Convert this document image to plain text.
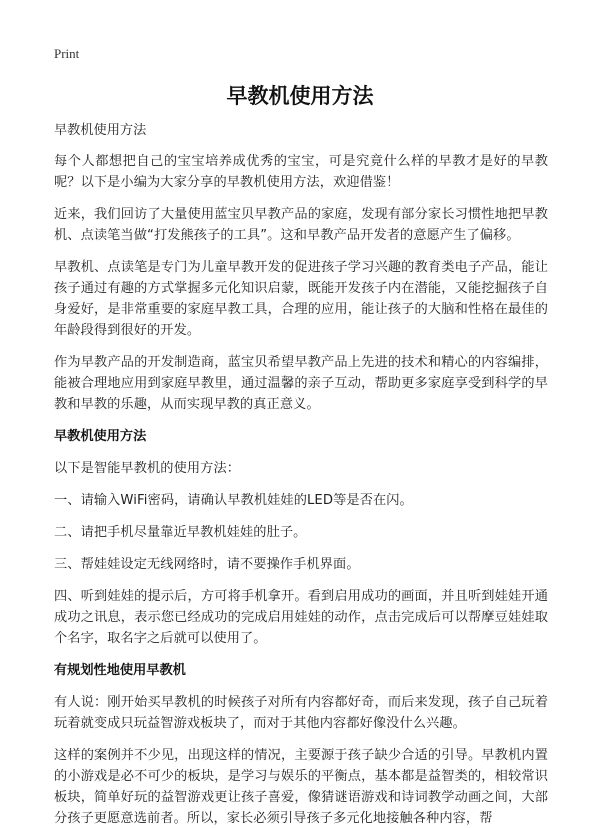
Print
早教机使用方法

早教机使用方法

每个人都想把自己的宝宝培养成优秀的宝宝，可是究竟什么样的早教才是好的早教呢？以下是小编为大家分享的早教机使用方法，欢迎借鉴！

近来，我们回访了大量使用蓝宝贝早教产品的家庭，发现有部分家长习惯性地把早教机、点读笔当做“打发熊孩子的工具”。这和早教产品开发者的意愿产生了偏移。

早教机、点读笔是专门为儿童早教开发的促进孩子学习兴趣的教育类电子产品，能让孩子通过有趣的方式掌握多元化知识启蒙，既能开发孩子内在潜能，又能挖掘孩子自身爱好，是非常重要的家庭早教工具，合理的应用，能让孩子的大脑和性格在最佳的年龄段得到很好的开发。

作为早教产品的开发制造商，蓝宝贝希望早教产品上先进的技术和精心的内容编排，能被合理地应用到家庭早教里，通过温馨的亲子互动，帮助更多家庭享受到科学的早教和早教的乐趣，从而实现早教的真正意义。

早教机使用方法

以下是智能早教机的使用方法：

一、请输入WiFi密码，请确认早教机娃娃的LED等是否在闪。

二、请把手机尽量靠近早教机娃娃的肚子。

三、帮娃娃设定无线网络时，请不要操作手机界面。

四、听到娃娃的提示后，方可将手机拿开。看到启用成功的画面，并且听到娃娃开通成功之讯息，表示您已经成功的完成启用娃娃的动作，点击完成后可以帮摩豆娃娃取个名字，取名字之后就可以使用了。

有规划性地使用早教机

有人说：刚开始买早教机的时候孩子对所有内容都好奇，而后来发现，孩子自己玩着玩着就变成只玩益智游戏板块了，而对于其他内容都好像没什么兴趣。

这样的案例并不少见，出现这样的情况，主要源于孩子缺少合适的引导。早教机内置的小游戏是必不可少的板块，是学习与娱乐的平衡点，基本都是益智类的，相较常识板块，简单好玩的益智游戏更让孩子喜爱，像猜谜语游戏和诗词教学动画之间，大部分孩子更愿意选前者。所以，家长必须引导孩子多元化地接触各种内容，帮
